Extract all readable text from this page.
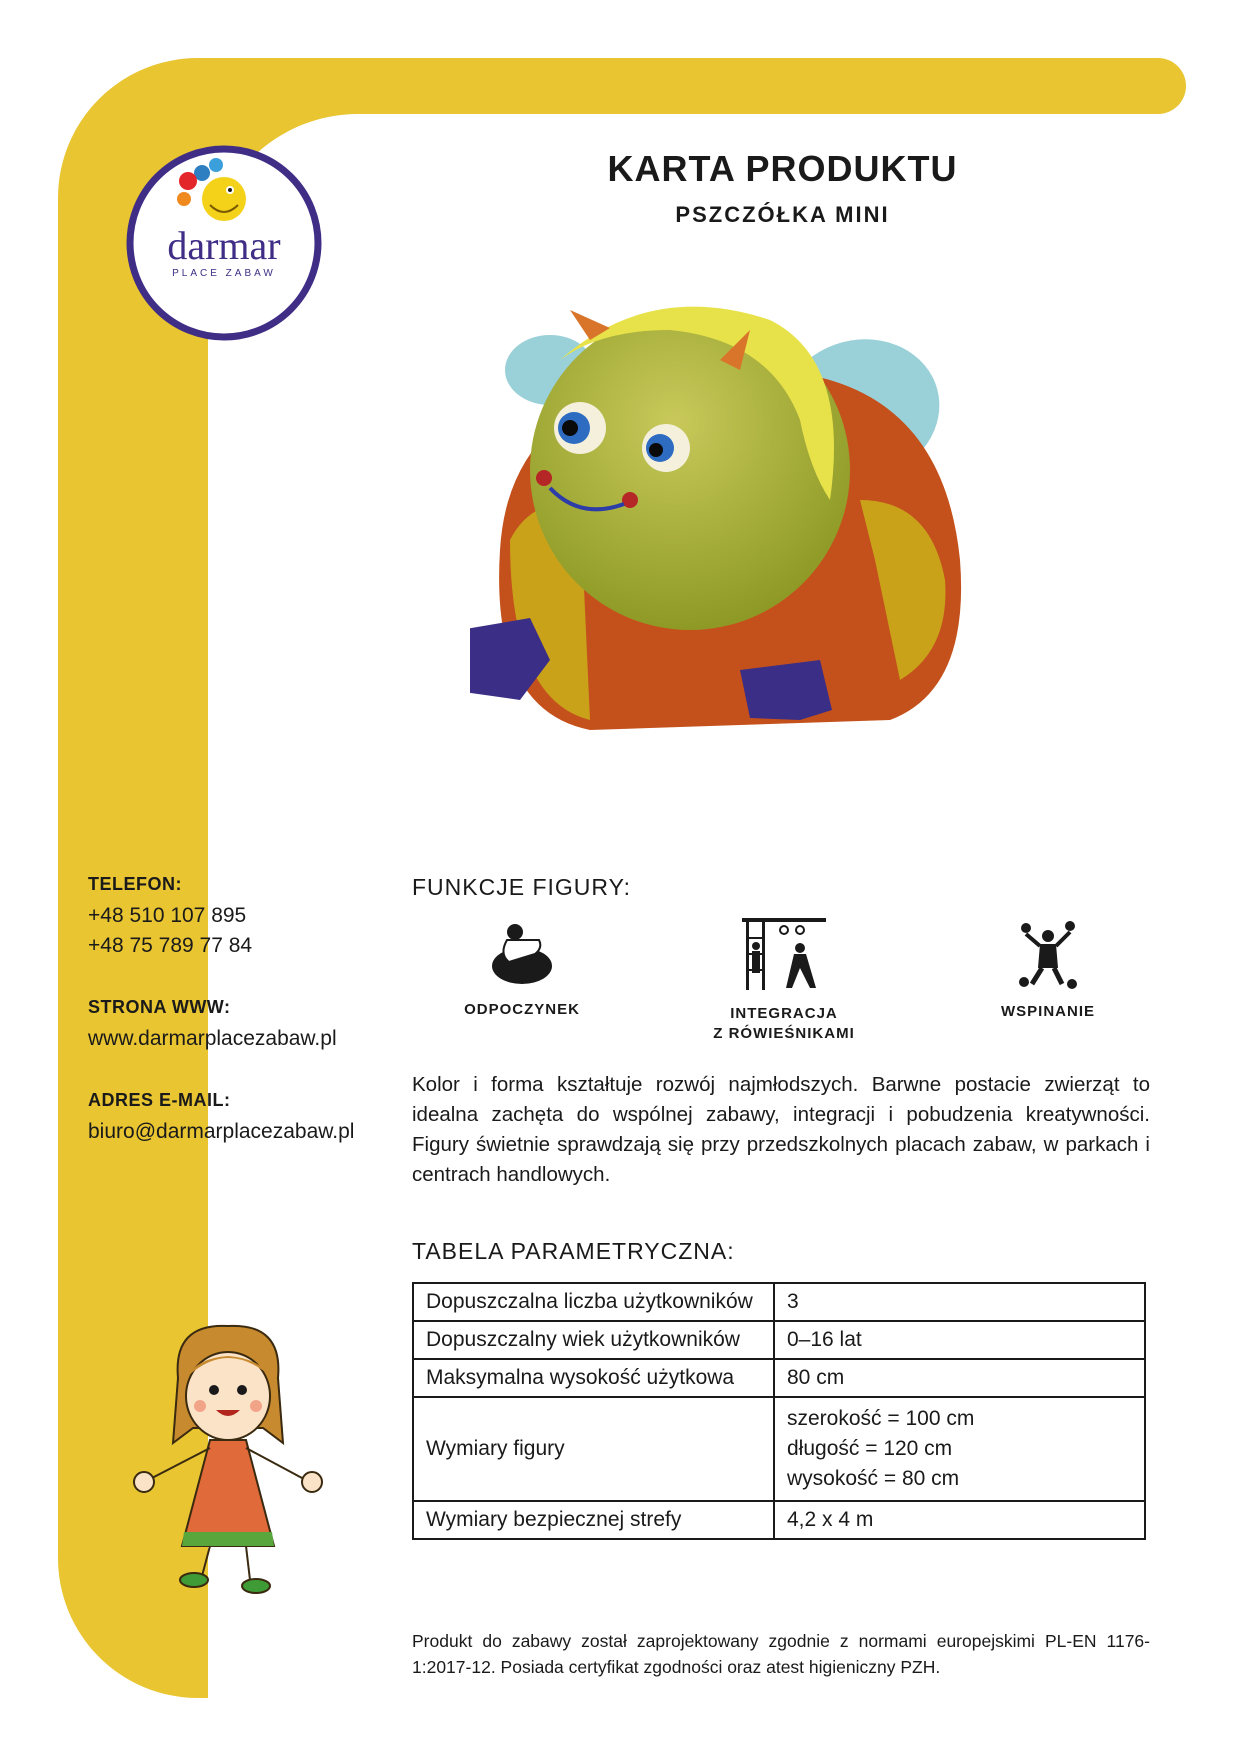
darmar
PLACE ZABAW
TELEFON:
+48 510 107 895
+48 75 789 77 84
STRONA WWW:
www.darmarplacezabaw.pl
ADRES E-MAIL:
biuro@darmarplacezabaw.pl
KARTA PRODUKTU
PSZCZÓŁKA MINI
FUNKCJE FIGURY:
ODPOCZYNEK	INTEGRACJA
Z RÓWIEŚNIKAMI
WSPINANIE
Kolor i forma kształtuje rozwój najmłodszych. Barwne postacie zwierząt to idealna zachęta do wspólnej zabawy, integracji i pobudzenia kreatywności. Figury świetnie sprawdzają się przy przedszkolnych placach zabaw, w parkach i centrach handlowych.
TABELA PARAMETRYCZNA:
Dopuszczalna liczba użytkowników	3
Dopuszczalny wiek użytkowników	0–16 lat
Maksymalna wysokość użytkowa	80 cm
Wymiary figury	szerokość = 100 cm
długość = 120 cm
wysokość = 80 cm

Wymiary bezpiecznej strefy	4,2 x 4 m
Produkt do zabawy został zaprojektowany zgodnie z normami europejskimi PL-EN 1176-1:2017-12. Posiada certyfikat zgodności oraz atest higieniczny PZH.
